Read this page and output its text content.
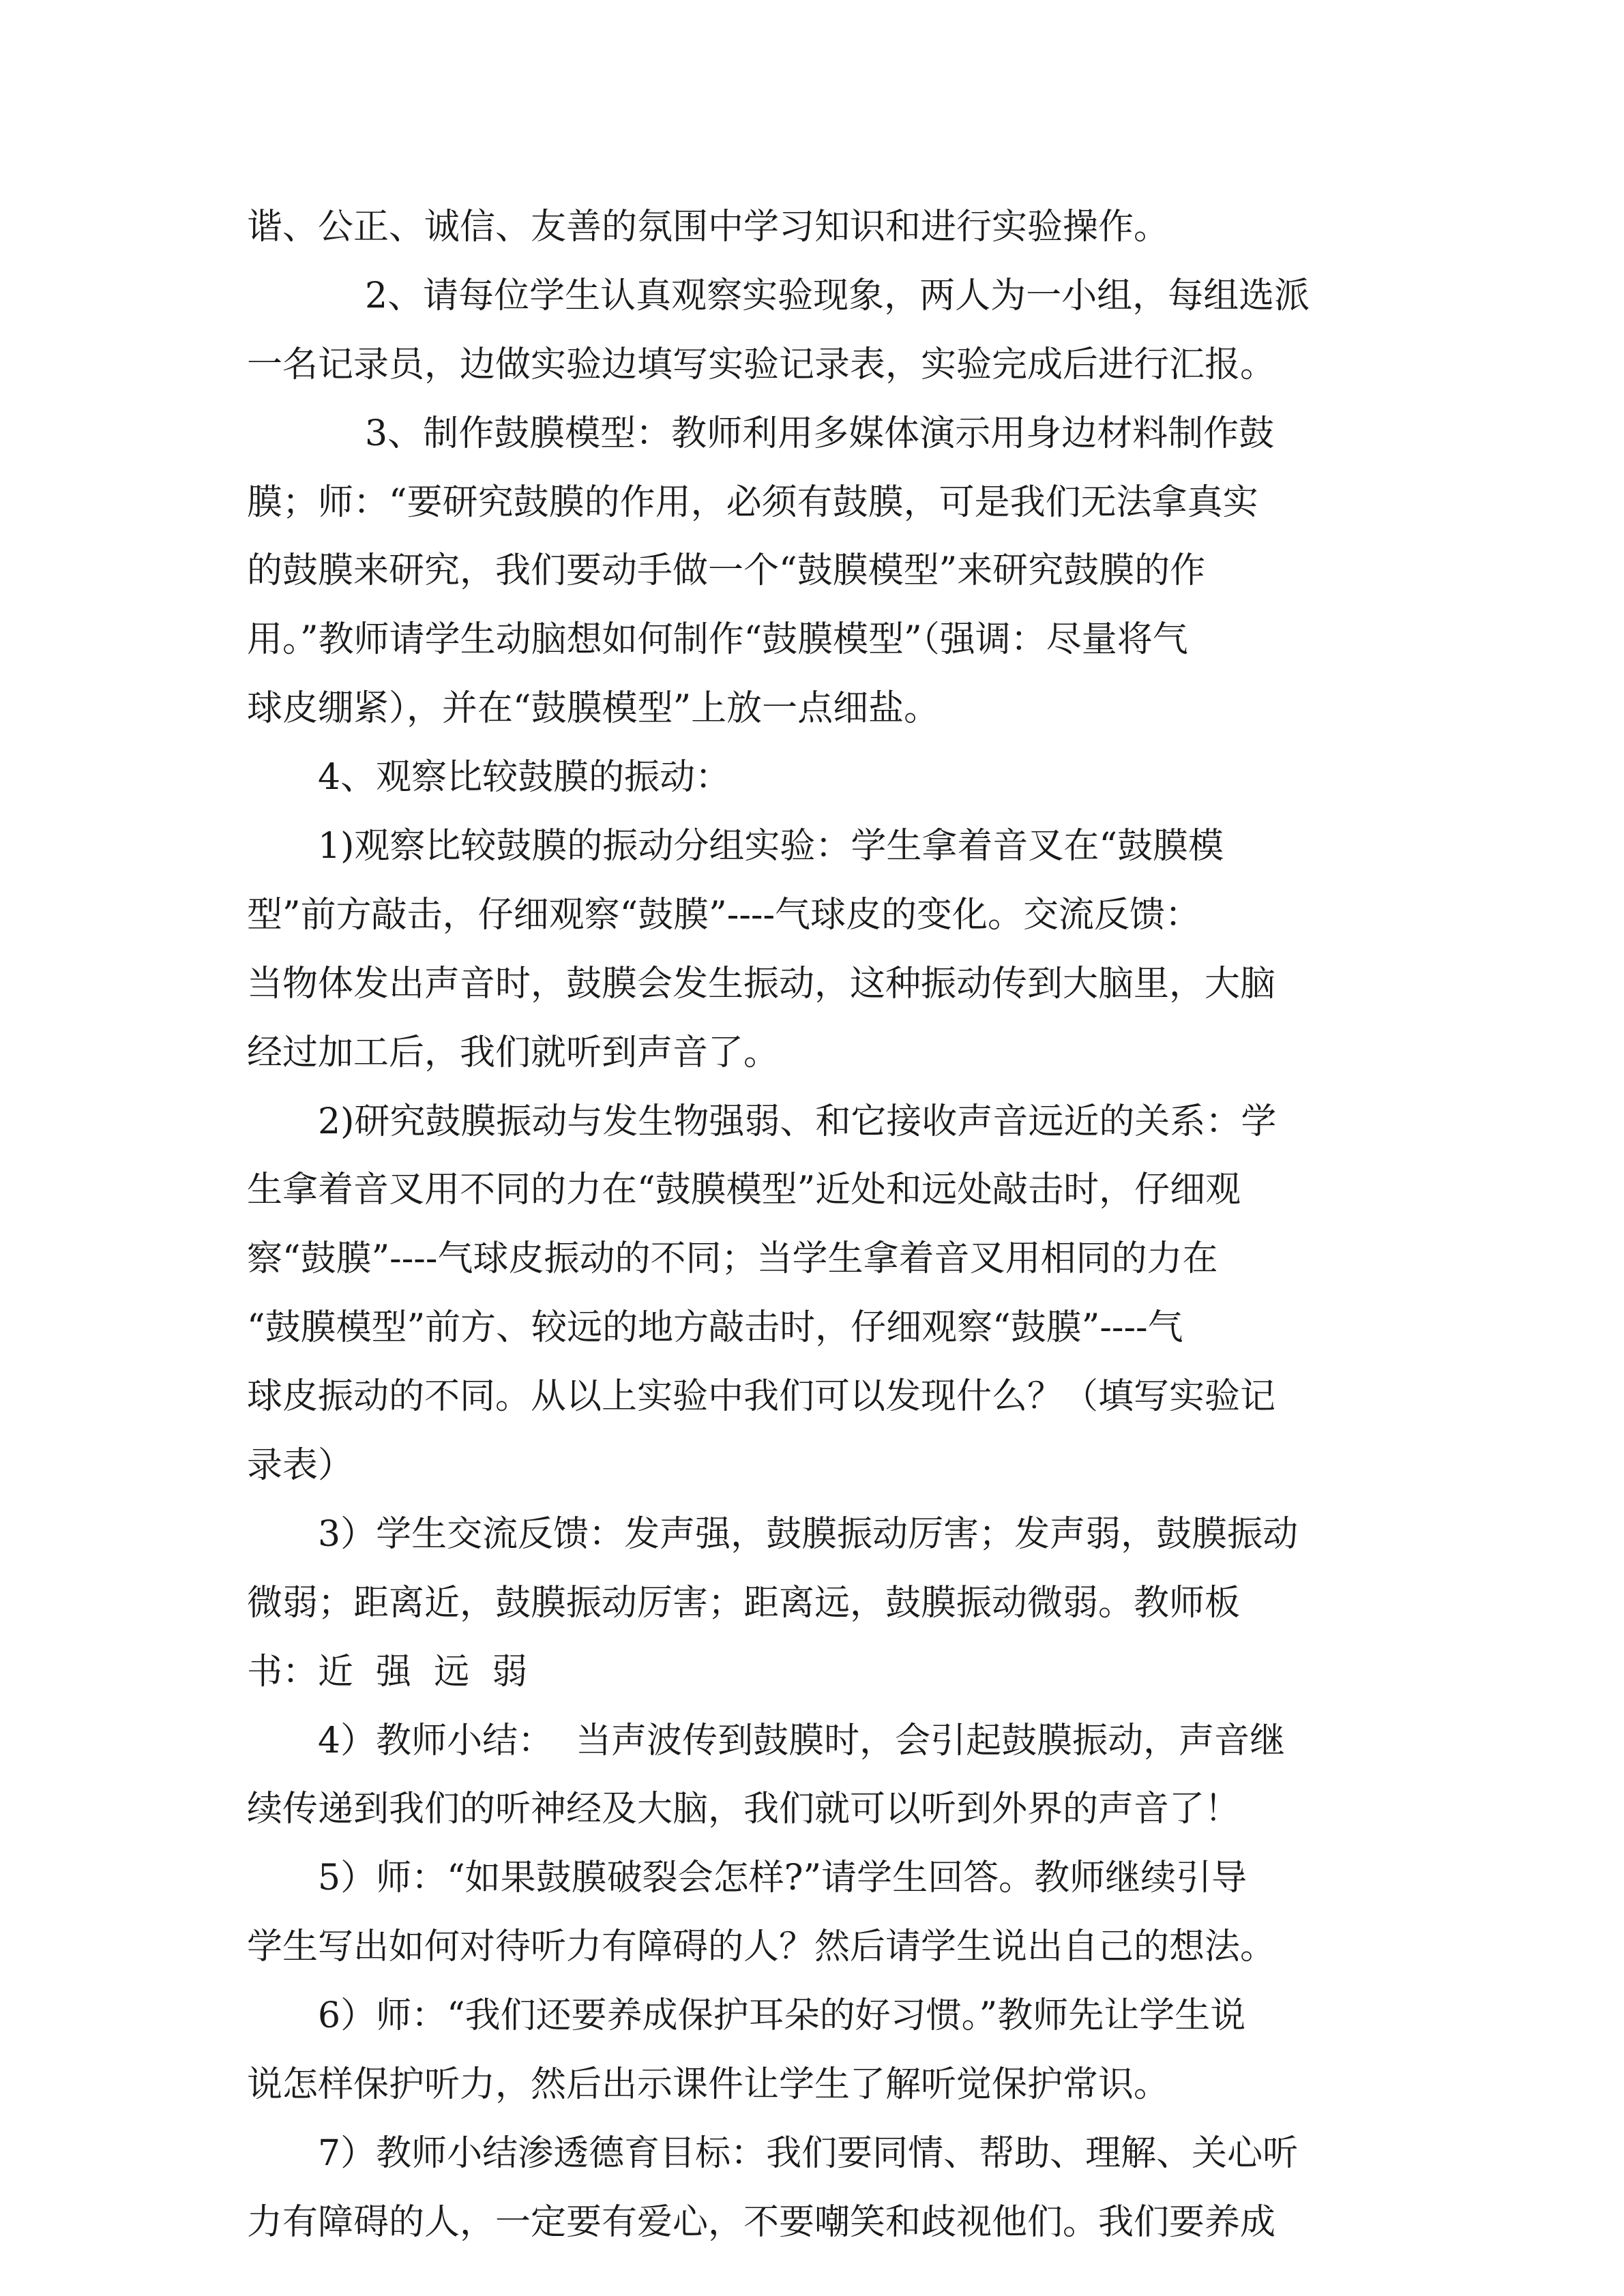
谐、公正、诚信、友善的氛围中学习知识和进行实验操作。

2、请每位学生认真观察实验现象，两人为一小组，每组选派

一名记录员，边做实验边填写实验记录表，实验完成后进行汇报。

3、制作鼓膜模型：教师利用多媒体演示用身边材料制作鼓

膜；师：“要研究鼓膜的作用，必须有鼓膜，可是我们无法拿真实

的鼓膜来研究，我们要动手做一个“鼓膜模型”来研究鼓膜的作

用。”教师请学生动脑想如何制作“鼓膜模型”（强调：尽量将气

球皮绷紧），并在“鼓膜模型”上放一点细盐。

4、观察比较鼓膜的振动：

1)观察比较鼓膜的振动分组实验：学生拿着音叉在“鼓膜模

型”前方敲击，仔细观察“鼓膜”----气球皮的变化。交流反馈：

当物体发出声音时，鼓膜会发生振动，这种振动传到大脑里，大脑

经过加工后，我们就听到声音了。

2)研究鼓膜振动与发生物强弱、和它接收声音远近的关系：学

生拿着音叉用不同的力在“鼓膜模型”近处和远处敲击时，仔细观

察“鼓膜”----气球皮振动的不同；当学生拿着音叉用相同的力在

“鼓膜模型”前方、较远的地方敲击时，仔细观察“鼓膜”----气

球皮振动的不同。从以上实验中我们可以发现什么？（填写实验记

录表）

3）学生交流反馈：发声强，鼓膜振动厉害；发声弱，鼓膜振动

微弱；距离近，鼓膜振动厉害；距离远，鼓膜振动微弱。教师板

书：近  强  远  弱

4）教师小结：  当声波传到鼓膜时，会引起鼓膜振动，声音继

续传递到我们的听神经及大脑，我们就可以听到外界的声音了！

5）师：“如果鼓膜破裂会怎样?”请学生回答。教师继续引导

学生写出如何对待听力有障碍的人？然后请学生说出自己的想法。

6）师：“我们还要养成保护耳朵的好习惯。”教师先让学生说

说怎样保护听力，然后出示课件让学生了解听觉保护常识。

7）教师小结渗透德育目标：我们要同情、帮助、理解、关心听

力有障碍的人，一定要有爱心，不要嘲笑和歧视他们。我们要养成
